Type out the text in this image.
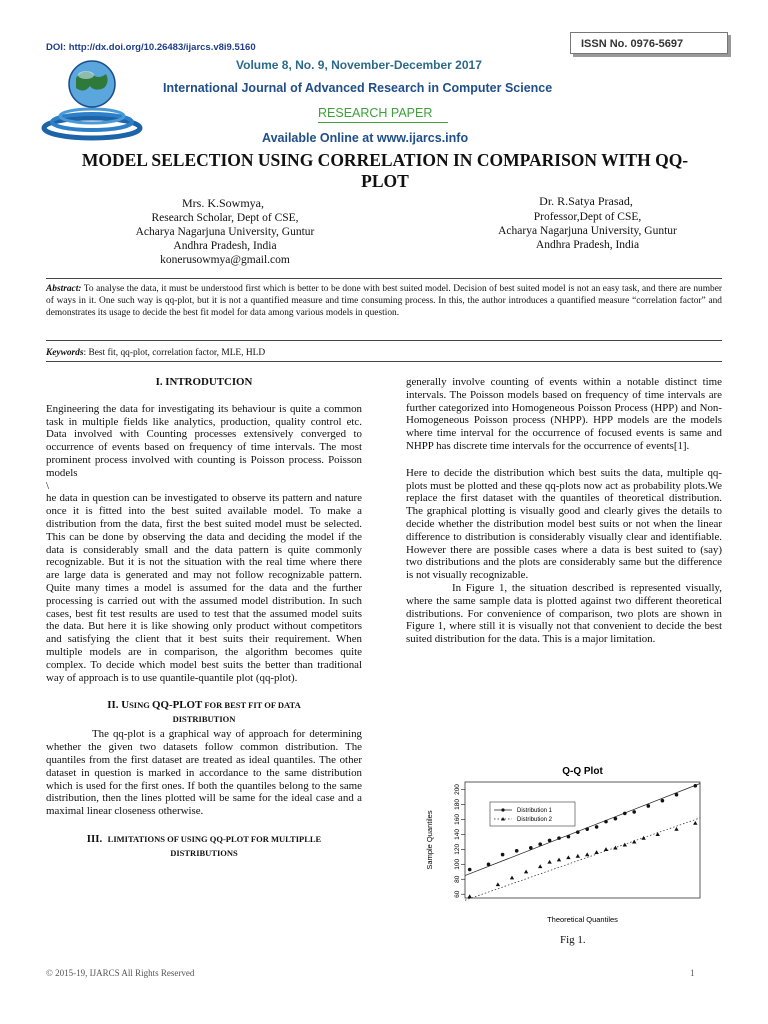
DOI: http://dx.doi.org/10.26483/ijarcs.v8i9.5160	ISSN No. 0976-5697
Volume 8, No. 9, November-December 2017
International Journal of Advanced Research in Computer Science
RESEARCH PAPER
Available Online at www.ijarcs.info
MODEL SELECTION USING CORRELATION IN COMPARISON WITH QQ-
PLOT
Mrs. K.Sowmya,
Research Scholar, Dept of CSE,
Acharya Nagarjuna University, Guntur
Andhra Pradesh, India
konerusowmya@gmail.com
Dr. R.Satya Prasad,
Professor,Dept of CSE,
Acharya Nagarjuna University, Guntur
Andhra Pradesh, India
Abstract: To analyse the data, it must be understood first which is better to be done with best suited model. Decision of best suited model is not an easy task, and there are number of ways in it. One such way is qq-plot, but it is not a quantified measure and time consuming process. In this, the author introduces a quantified measure “correlation factor” and demonstrates its usage to decide the best fit model for data among various models in question.
Keywords: Best fit, qq-plot, correlation factor, MLE, HLD
I. INTRODUTCION

Engineering the data for investigating its behaviour is quite a common task in multiple fields like analytics, production, quality control etc. Data involved with Counting processes extensively converged to occurrence of events based on frequency of time intervals. The most prominent process involved with counting is Poisson process. Poisson models

\

he data in question can be investigated to observe its pattern and nature once it is fitted into the best suited available model. To make a distribution from the data, first the best suited model must be selected. This can be done by observing the data and deciding the model if the data is considerably small and the data pattern is quite commonly recognizable. But it is not the situation with the real time where there are large data is generated and may not follow recognizable pattern. Quite many times a model is assumed for the data and the further processing is carried out with the assumed model distribution. In such cases, best fit test results are used to test that the assumed model suits the data. But here it is like showing only product without competitors and satisfying the client that it best suits their requirement. When multiple models are in comparison, the algorithm becomes quite complex. To decide which model best suits the better than traditional way of approach is to use quantile-quantile plot (qq-plot).

II. USING QQ-PLOT FOR BEST FIT OF DATA
DISTRIBUTION

The qq-plot is a graphical way of approach for determining whether the given two datasets follow common distribution. The quantiles from the first dataset are treated as ideal quantiles. The other dataset in question is marked in accordance to the same distribution which is used for the first ones. If both the quantiles belong to the same distribution, then the lines plotted will be same for the ideal case and a maximal linear closeness otherwise.

III. LIMITATIONS OF USING QQ-PLOT FOR MULTIPLLE
DISTRIBUTIONS

generally involve counting of events within a notable distinct time intervals. The Poisson models based on frequency of time intervals are further categorized into Homogeneous Poisson Process (HPP) and Non-Homogeneous Poisson process (NHPP). HPP models are the models where time interval for the occurrence of focused events is same and NHPP has discrete time intervals for the occurrence of events[1].

Here to decide the distribution which best suits the data, multiple qq-plots must be plotted and these qq-plots now act as probability plots.We replace the first dataset with the quantiles of theoretical distribution. The graphical plotting is visually good and clearly gives the details to decide whether the distribution model best suits or not when the linear difference to distribution is considerably visually clear and identifiable. However there are possible cases where a data is best suited to (say) two distributions and the plots are considerably same but the difference is not visually recognizable.

In Figure 1, the situation described is represented visually, where the same sample data is plotted against two different theoretical distributions. For convenience of comparison, two plots are shown in Figure 1, where still it is visually not that convenient to decide the best suited distribution for the data. This is a major limitation.

Q-Q Plot
60
80
100
120
140
160
180
200
Sample Quantiles
Theoretical Quantiles
Distribution 1
Distribution 2
Fig 1.
© 2015-19, IJARCS All Rights Reserved	1
